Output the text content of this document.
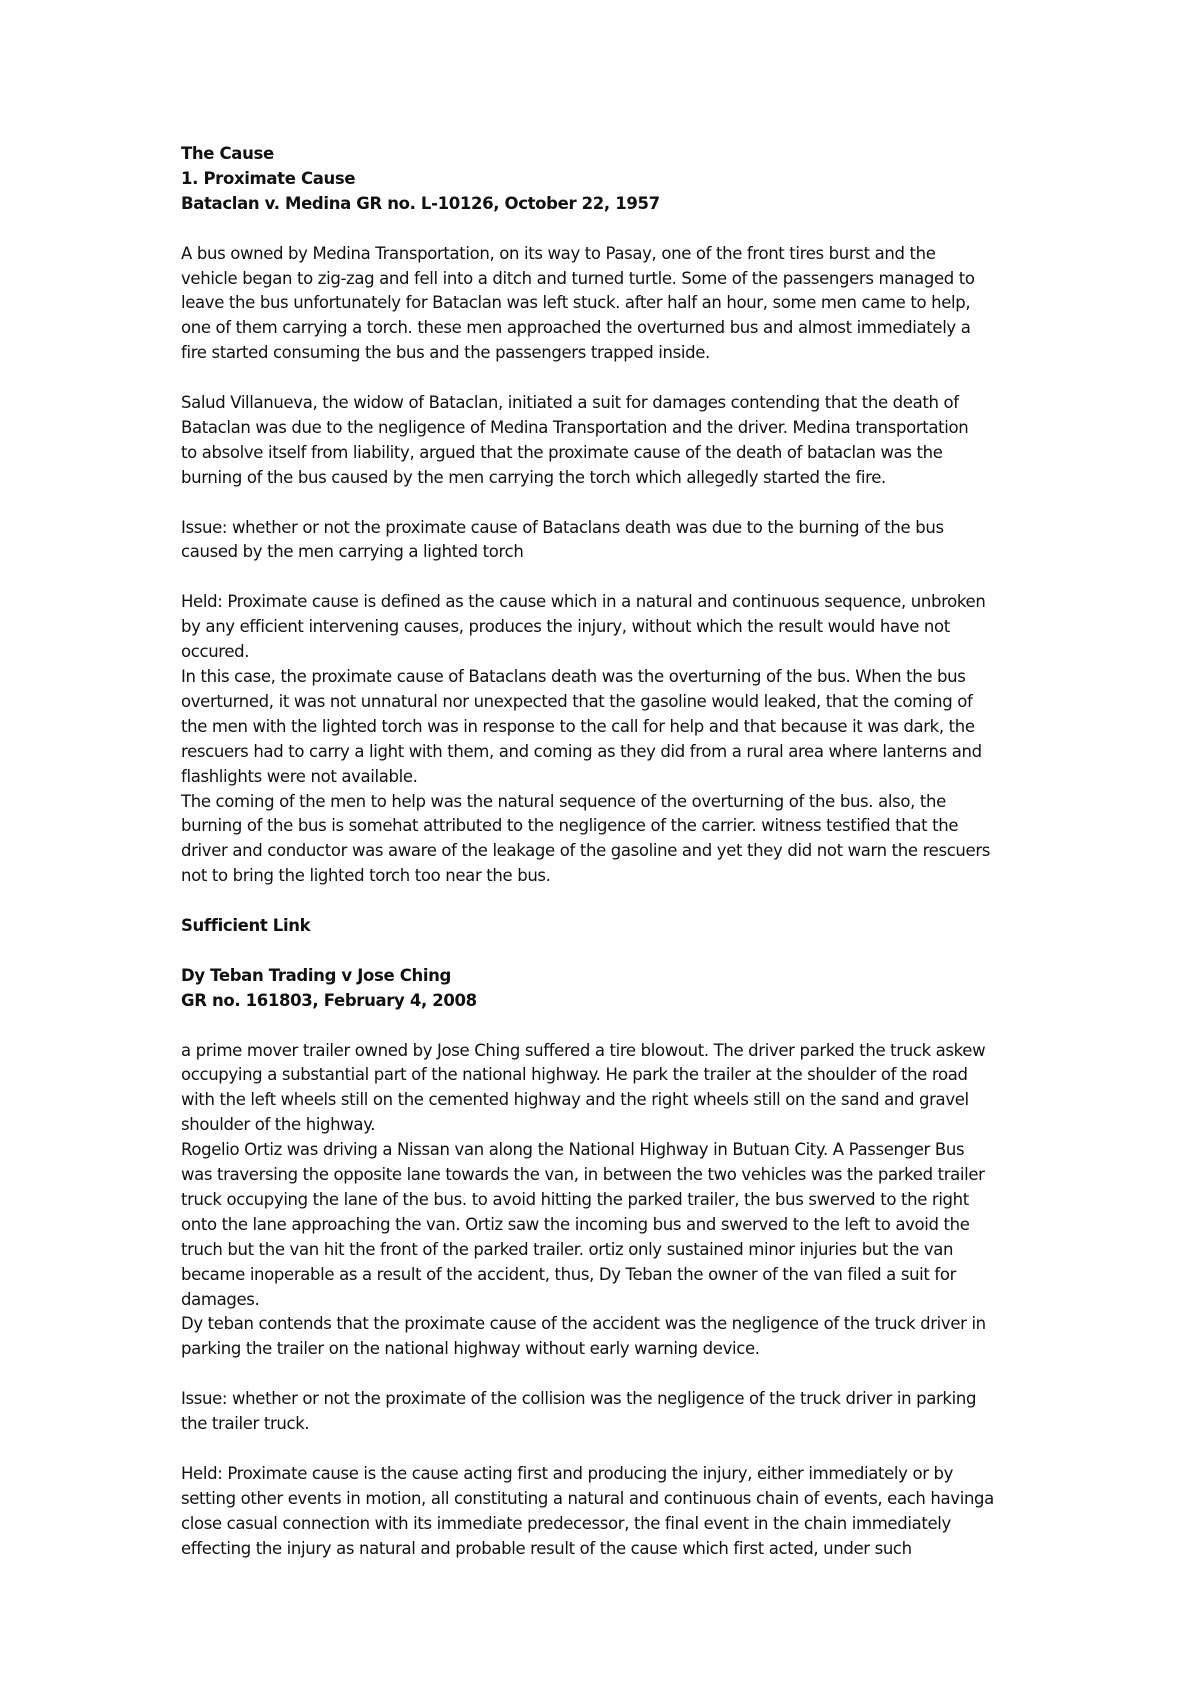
The Cause

1. Proximate Cause

Bataclan v. Medina GR no. L-10126, October 22, 1957

A bus owned by Medina Transportation, on its way to Pasay, one of the front tires burst and the

vehicle began to zig-zag and fell into a ditch and turned turtle. Some of the passengers managed to

leave the bus unfortunately for Bataclan was left stuck. after half an hour, some men came to help,

one of them carrying a torch. these men approached the overturned bus and almost immediately a

fire started consuming the bus and the passengers trapped inside.

Salud Villanueva, the widow of Bataclan, initiated a suit for damages contending that the death of

Bataclan was due to the negligence of Medina Transportation and the driver. Medina transportation

to absolve itself from liability, argued that the proximate cause of the death of bataclan was the

burning of the bus caused by the men carrying the torch which allegedly started the fire.

Issue: whether or not the proximate cause of Bataclans death was due to the burning of the bus

caused by the men carrying a lighted torch

Held: Proximate cause is defined as the cause which in a natural and continuous sequence, unbroken

by any efficient intervening causes, produces the injury, without which the result would have not

occured.

In this case, the proximate cause of Bataclans death was the overturning of the bus. When the bus

overturned, it was not unnatural nor unexpected that the gasoline would leaked, that the coming of

the men with the lighted torch was in response to the call for help and that because it was dark, the

rescuers had to carry a light with them, and coming as they did from a rural area where lanterns and

flashlights were not available.

The coming of the men to help was the natural sequence of the overturning of the bus. also, the

burning of the bus is somehat attributed to the negligence of the carrier. witness testified that the

driver and conductor was aware of the leakage of the gasoline and yet they did not warn the rescuers

not to bring the lighted torch too near the bus.

Sufficient Link

Dy Teban Trading v Jose Ching

GR no. 161803, February 4, 2008

a prime mover trailer owned by Jose Ching suffered a tire blowout. The driver parked the truck askew

occupying a substantial part of the national highway. He park the trailer at the shoulder of the road

with the left wheels still on the cemented highway and the right wheels still on the sand and gravel

shoulder of the highway.

Rogelio Ortiz was driving a Nissan van along the National Highway in Butuan City. A Passenger Bus

was traversing the opposite lane towards the van, in between the two vehicles was the parked trailer

truck occupying the lane of the bus. to avoid hitting the parked trailer, the bus swerved to the right

onto the lane approaching the van. Ortiz saw the incoming bus and swerved to the left to avoid the

truch but the van hit the front of the parked trailer. ortiz only sustained minor injuries but the van

became inoperable as a result of the accident, thus, Dy Teban the owner of the van filed a suit for

damages.

Dy teban contends that the proximate cause of the accident was the negligence of the truck driver in

parking the trailer on the national highway without early warning device.

Issue: whether or not the proximate of the collision was the negligence of the truck driver in parking

the trailer truck.

Held: Proximate cause is the cause acting first and producing the injury, either immediately or by

setting other events in motion, all constituting a natural and continuous chain of events, each havinga

close casual connection with its immediate predecessor, the final event in the chain immediately

effecting the injury as natural and probable result of the cause which first acted, under such
